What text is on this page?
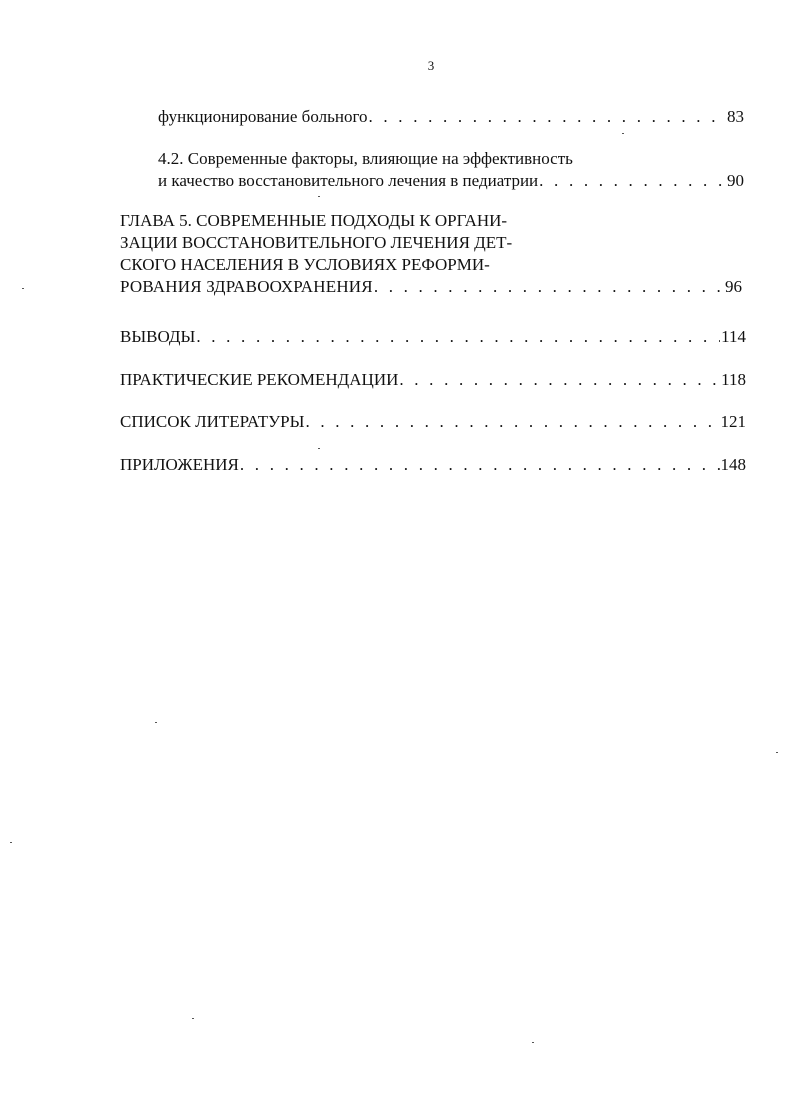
3
функционирование больного . . .	83
4.2. Современные факторы, влияющие на эффективность
и качество восстановительного лечения в педиатрии . . .	90
ГЛАВА 5. СОВРЕМЕННЫЕ ПОДХОДЫ К ОРГАНИ-
ЗАЦИИ ВОССТАНОВИТЕЛЬНОГО ЛЕЧЕНИЯ ДЕТ-
СКОГО НАСЕЛЕНИЯ В УСЛОВИЯХ РЕФОРМИ-
РОВАНИЯ ЗДРАВООХРАНЕНИЯ . . .	96
ВЫВОДЫ . . .	114
ПРАКТИЧЕСКИЕ РЕКОМЕНДАЦИИ . . .	118
СПИСОК ЛИТЕРАТУРЫ . . .	121
ПРИЛОЖЕНИЯ . . .	148
